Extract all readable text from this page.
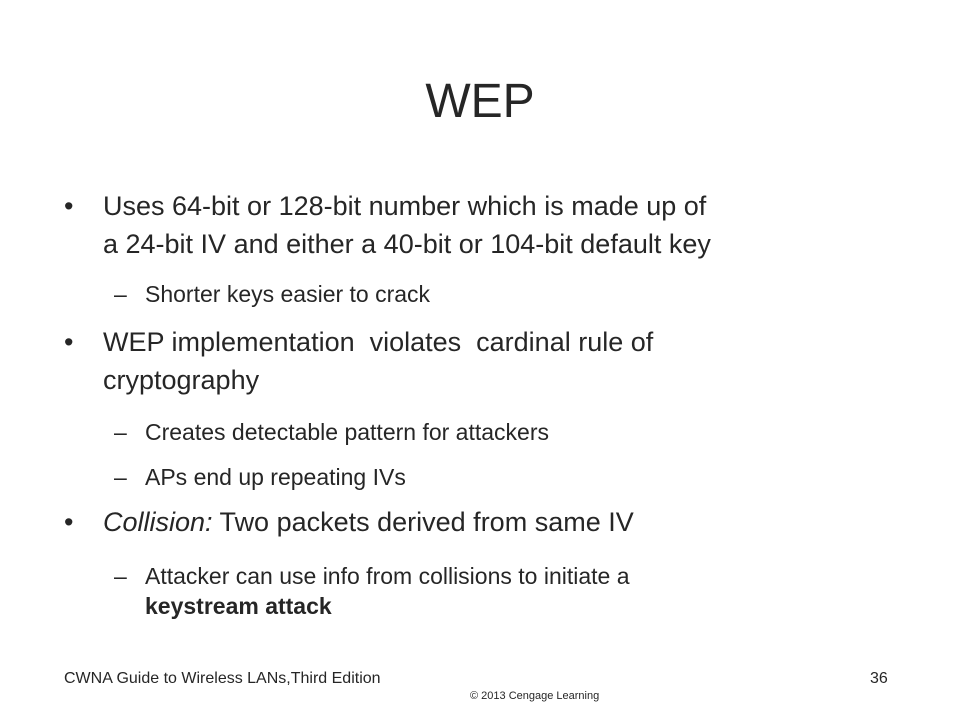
WEP
•	Uses 64-bit or 128-bit number which is made up of
a 24-bit IV and either a 40-bit or 104-bit default key
– Shorter keys easier to crack
•	WEP implementation  violates  cardinal rule of
cryptography
– Creates detectable pattern for attackers
– APs end up repeating IVs
•	Collision: Two packets derived from same IV
– Attacker can use info from collisions to initiate a
keystream attack
CWNA Guide to Wireless LANs,Third Edition	36
© 2013 Cengage Learning
